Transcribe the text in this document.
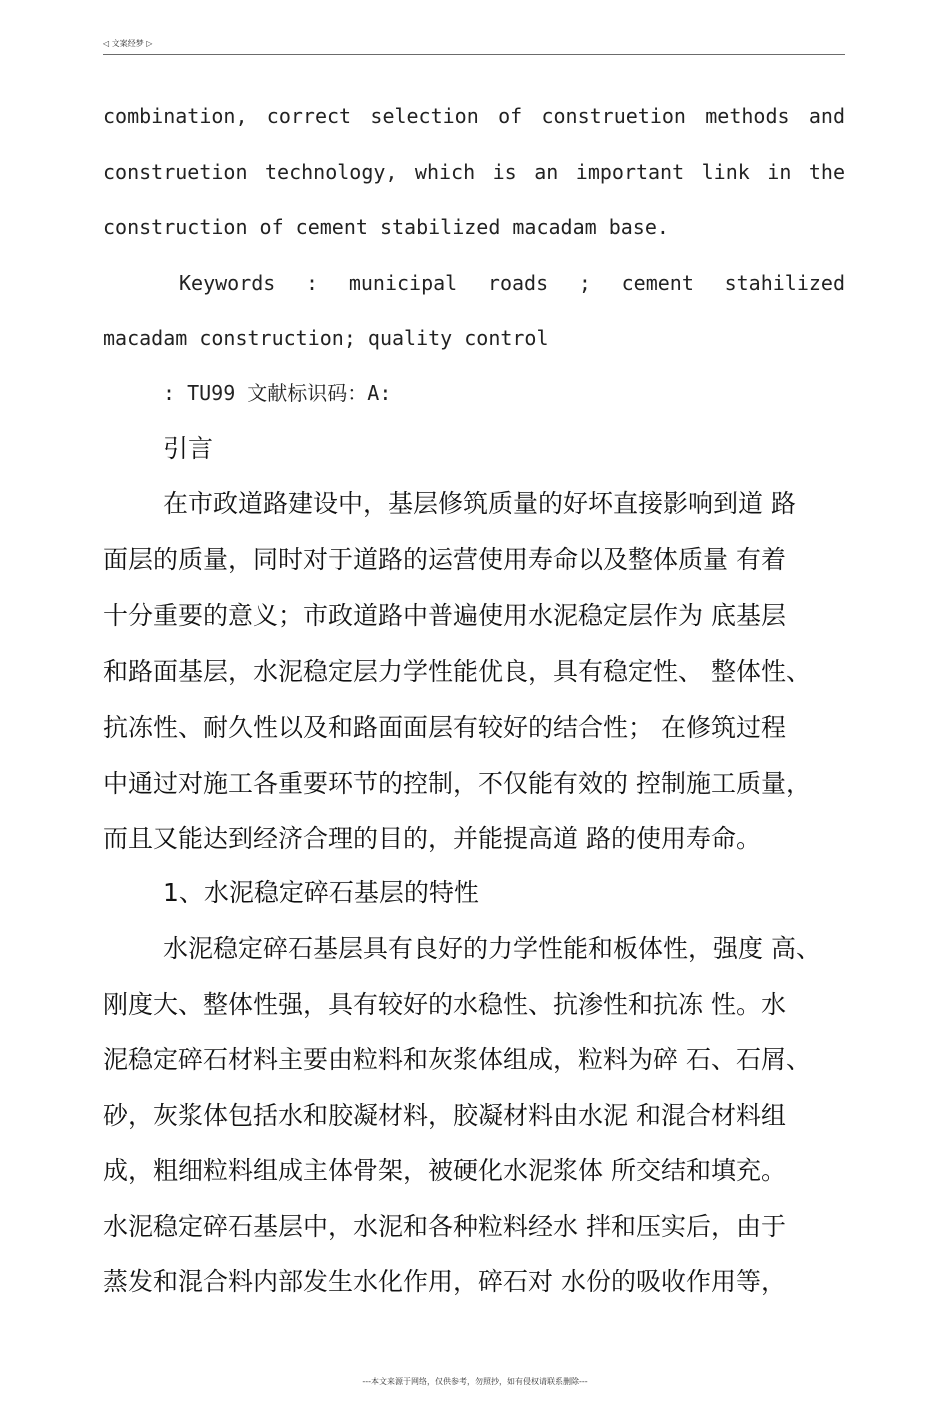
◁ 文案经梦 ▷
combination, correct selection of construetion methods and
construetion technology, which is an important link in the
construction of cement stabilized macadam base.
Keywords : municipal roads ; cement stahilized
macadam construction; quality control
: TU99 文献标识码：A:
引言
在市政道路建设中，基层修筑质量的好坏直接影响到道 路
面层的质量，同时对于道路的运营使用寿命以及整体质量 有着
十分重要的意义；市政道路中普遍使用水泥稳定层作为 底基层
和路面基层，水泥稳定层力学性能优良，具有稳定性、 整体性、
抗冻性、耐久性以及和路面面层有较好的结合性； 在修筑过程
中通过对施工各重要环节的控制，不仅能有效的 控制施工质量，
而且又能达到经济合理的目的，并能提高道 路的使用寿命。
1、水泥稳定碎石基层的特性
水泥稳定碎石基层具有良好的力学性能和板体性，强度 高、
刚度大、整体性强，具有较好的水稳性、抗渗性和抗冻 性。水
泥稳定碎石材料主要由粒料和灰浆体组成，粒料为碎 石、石屑、
砂，灰浆体包括水和胶凝材料，胶凝材料由水泥 和混合材料组
成，粗细粒料组成主体骨架，被硬化水泥浆体 所交结和填充。
水泥稳定碎石基层中，水泥和各种粒料经水 拌和压实后，由于
蒸发和混合料内部发生水化作用，碎石对 水份的吸收作用等，
---本文来源于网络，仅供参考，勿照抄，如有侵权请联系删除---
